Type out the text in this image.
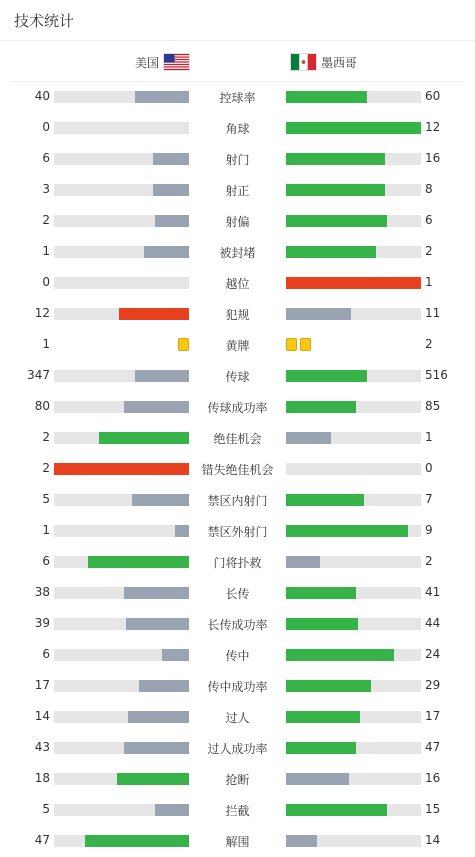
技术统计
美国	墨西哥
40	控球率	60
0	角球	12
6	射门	16
3	射正	8
2	射偏	6
1	被封堵	2
0	越位	1
12	犯规	11
1	黄牌	2
347	传球	516
80	传球成功率	85
2	绝佳机会	1
2	错失绝佳机会	0
5	禁区内射门	7
1	禁区外射门	9
6	门将扑救	2
38	长传	41
39	长传成功率	44
6	传中	24
17	传中成功率	29
14	过人	17
43	过人成功率	47
18	抢断	16
5	拦截	15
47	解围	14
